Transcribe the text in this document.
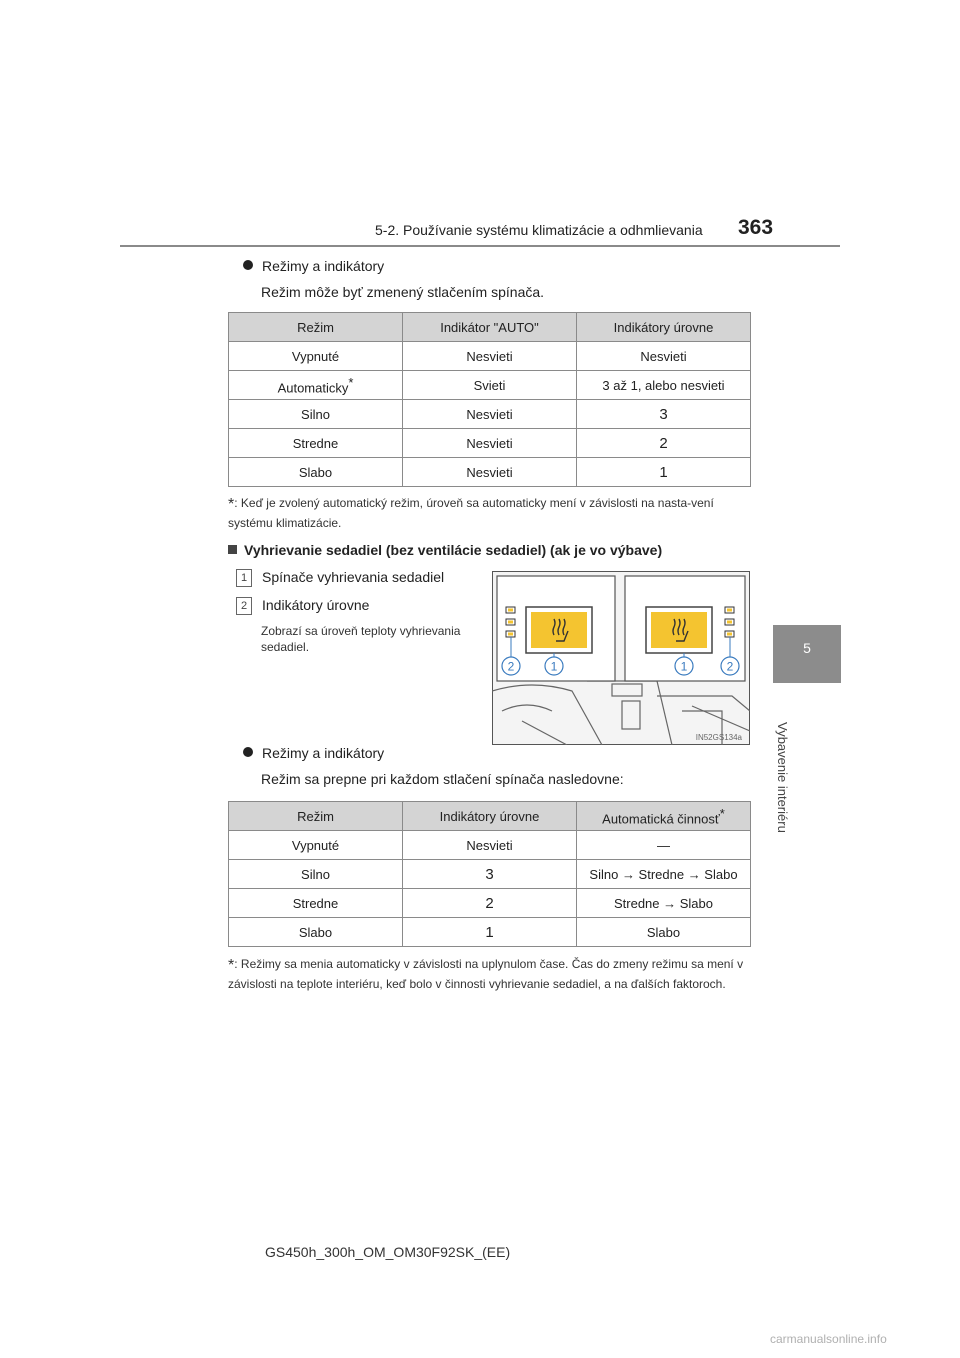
5-2. Používanie systému klimatizácie a odhmlievania 363
5
Vybavenie interiéru
Režimy a indikátory
Režim môže byť zmenený stlačením spínača.
Režim	Indikátor "AUTO"	Indikátory úrovne
Vypnuté	Nesvieti	Nesvieti
Automaticky*	Svieti	3 až 1, alebo nesvieti
Silno	Nesvieti	3
Stredne	Nesvieti	2
Slabo	Nesvieti	1
*: Keď je zvolený automatický režim, úroveň sa automaticky mení v závislosti na nasta-vení systému klimatizácie.
Vyhrievanie sedadiel (bez ventilácie sedadiel) (ak je vo výbave)
1 Spínače vyhrievania sedadiel
2 Indikátory úrovne
Zobrazí sa úroveň teploty vyhrievania sedadiel.
2	1	1	2
IN52GS134a
Režimy a indikátory
Režim sa prepne pri každom stlačení spínača nasledovne:
Režim	Indikátory úrovne	Automatická činnosť*
Vypnuté	Nesvieti	—
Silno	3	Silno → Stredne → Slabo
Stredne	2	Stredne → Slabo
Slabo	1	Slabo
*: Režimy sa menia automaticky v závislosti na uplynulom čase. Čas do zmeny režimu sa mení v závislosti na teplote interiéru, keď bolo v činnosti vyhrievanie sedadiel, a na ďalších faktoroch.
GS450h_300h_OM_OM30F92SK_(EE)
carmanualsonline.info
